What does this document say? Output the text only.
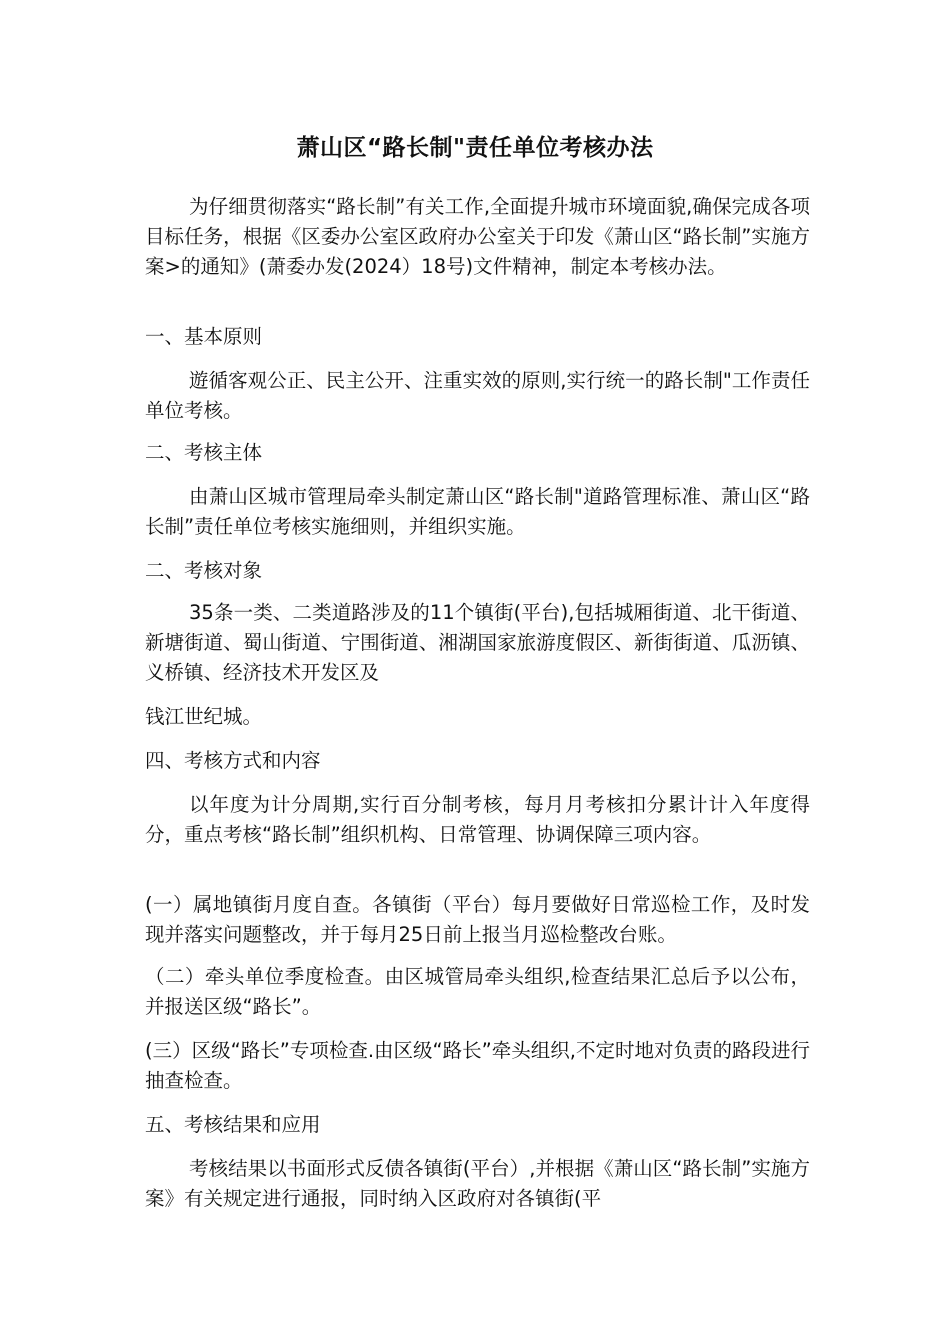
萧山区“路长制"责任单位考核办法
为仔细贯彻落实“路长制”有关工作,全面提升城市环境面貌,确保完成各项目标任务，根据《区委办公室区政府办公室关于印发《萧山区“路长制”实施方案>的通知》(萧委办发(2024）18号)文件精神，制定本考核办法。
一、基本原则
遊循客观公正、民主公开、注重实效的原则,实行统一的路长制"工作责任单位考核。
二、考核主体
由萧山区城市管理局牵头制定萧山区“路长制"道路管理标准、萧山区“路长制”责任单位考核实施细则，并组织实施。
二、考核对象
35条一类、二类道路涉及的11个镇街(平台),包括城厢街道、北干街道、新塘街道、蜀山街道、宁围街道、湘湖国家旅游度假区、新街街道、瓜沥镇、义桥镇、经济技术开发区及
钱江世纪城。
四、考核方式和内容
以年度为计分周期,实行百分制考核，每月月考核扣分累计计入年度得分，重点考核“路长制”组织机构、日常管理、协调保障三项内容。
(一）属地镇街月度自查。各镇街（平台）每月要做好日常巡检工作，及时发现并落实问题整改，并于每月25日前上报当月巡检整改台账。
（二）牵头单位季度检查。由区城管局牵头组织,检查结果汇总后予以公布，并报送区级“路长”。
(三）区级“路长”专项检查.由区级“路长”牵头组织,不定时地对负责的路段进行抽查检查。
五、考核结果和应用
考核结果以书面形式反债各镇街(平台）,并根据《萧山区“路长制”实施方案》有关规定进行通报，同时纳入区政府对各镇街(平
